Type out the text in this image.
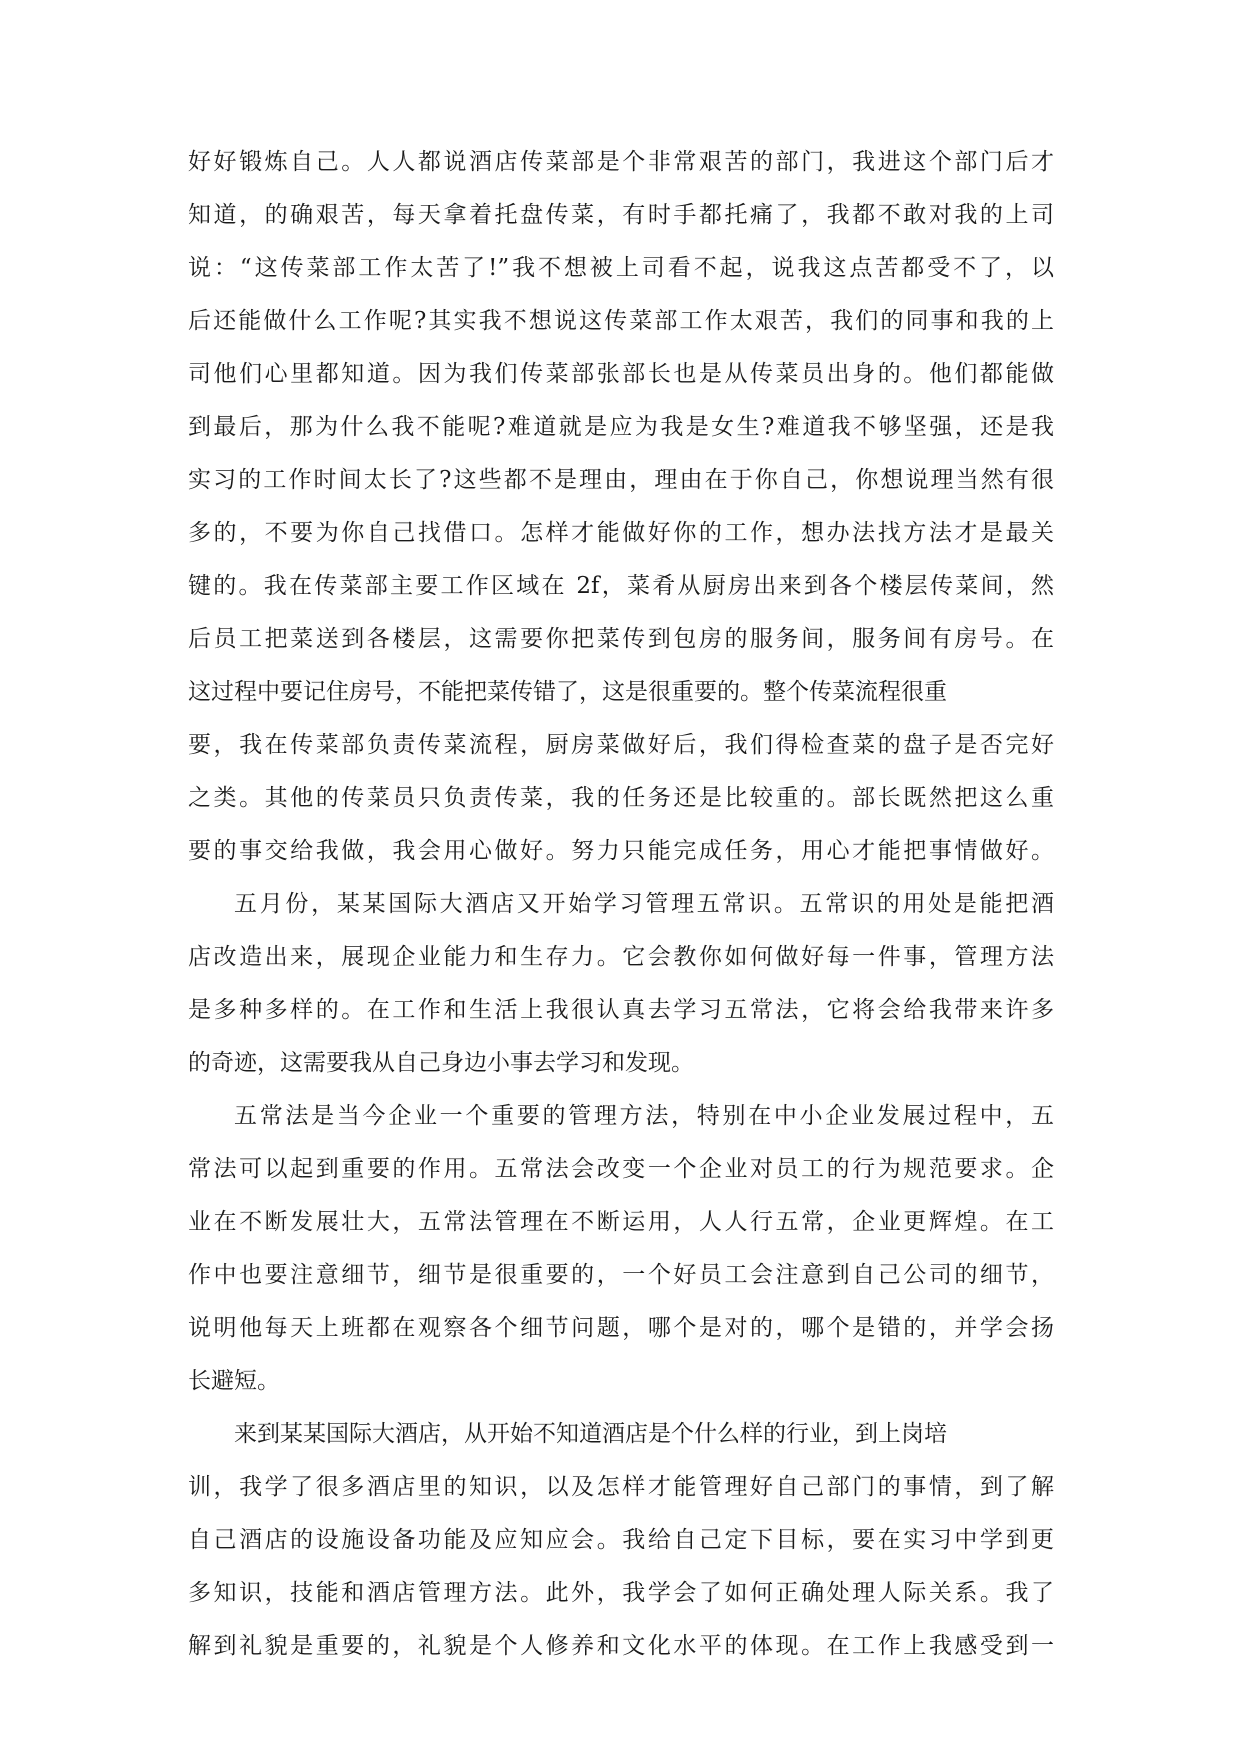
好好锻炼自己。人人都说酒店传菜部是个非常艰苦的部门，我进这个部门后才
知道，的确艰苦，每天拿着托盘传菜，有时手都托痛了，我都不敢对我的上司
说：“这传菜部工作太苦了!”我不想被上司看不起，说我这点苦都受不了，以
后还能做什么工作呢?其实我不想说这传菜部工作太艰苦，我们的同事和我的上
司他们心里都知道。因为我们传菜部张部长也是从传菜员出身的。他们都能做
到最后，那为什么我不能呢?难道就是应为我是女生?难道我不够坚强，还是我
实习的工作时间太长了?这些都不是理由，理由在于你自己，你想说理当然有很
多的，不要为你自己找借口。怎样才能做好你的工作，想办法找方法才是最关
键的。我在传菜部主要工作区域在 2f，菜肴从厨房出来到各个楼层传菜间，然
后员工把菜送到各楼层，这需要你把菜传到包房的服务间，服务间有房号。在
这过程中要记住房号，不能把菜传错了，这是很重要的。整个传菜流程很重
要，我在传菜部负责传菜流程，厨房菜做好后，我们得检查菜的盘子是否完好
之类。其他的传菜员只负责传菜，我的任务还是比较重的。部长既然把这么重
要的事交给我做，我会用心做好。努力只能完成任务，用心才能把事情做好。
五月份，某某国际大酒店又开始学习管理五常识。五常识的用处是能把酒
店改造出来，展现企业能力和生存力。它会教你如何做好每一件事，管理方法
是多种多样的。在工作和生活上我很认真去学习五常法，它将会给我带来许多
的奇迹，这需要我从自己身边小事去学习和发现。
五常法是当今企业一个重要的管理方法，特别在中小企业发展过程中，五
常法可以起到重要的作用。五常法会改变一个企业对员工的行为规范要求。企
业在不断发展壮大，五常法管理在不断运用，人人行五常，企业更辉煌。在工
作中也要注意细节，细节是很重要的，一个好员工会注意到自己公司的细节，
说明他每天上班都在观察各个细节问题，哪个是对的，哪个是错的，并学会扬
长避短。
来到某某国际大酒店，从开始不知道酒店是个什么样的行业，到上岗培
训，我学了很多酒店里的知识，以及怎样才能管理好自己部门的事情，到了解
自己酒店的设施设备功能及应知应会。我给自己定下目标，要在实习中学到更
多知识，技能和酒店管理方法。此外，我学会了如何正确处理人际关系。我了
解到礼貌是重要的，礼貌是个人修养和文化水平的体现。在工作上我感受到一
